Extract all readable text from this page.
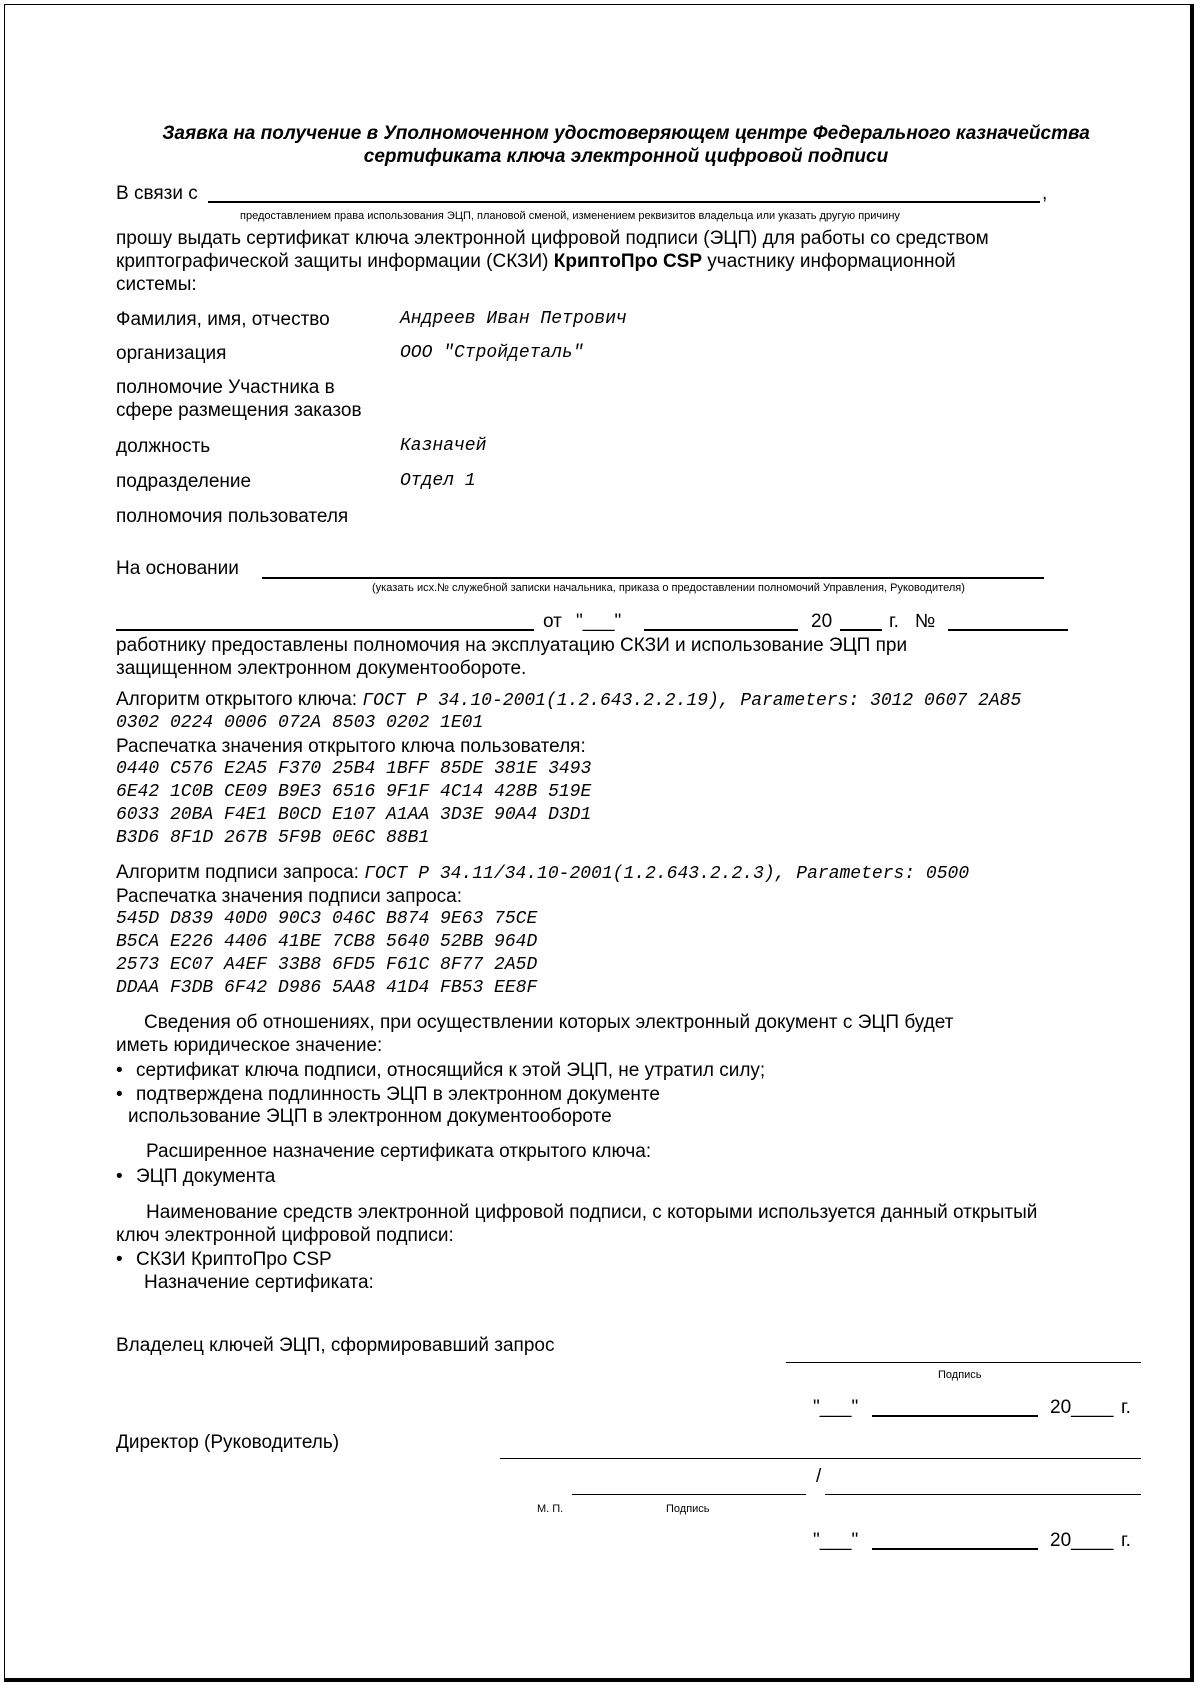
Заявка на получение в Уполномоченном удостоверяющем центре Федерального казначейства
сертификата ключа электронной цифровой подписи
В связи с	,
предоставлением права использования ЭЦП, плановой сменой, изменением реквизитов владельца или указать другую причину
прошу выдать сертификат ключа электронной цифровой подписи (ЭЦП) для работы со средством
криптографической защиты информации (СКЗИ) КриптоПро CSP участнику информационной
системы:
Фамилия, имя, отчество	Андреев Иван Петрович
организация	ООО "Стройдеталь"
полномочие Участника в
сфере размещения заказов
должность	Казначей
подразделение	Отдел 1
полномочия пользователя
На основании
(указать исх.№ служебной записки начальника, приказа о предоставлении полномочий Управления, Руководителя)
от "___"	20	г. №
работнику предоставлены полномочия на эксплуатацию СКЗИ и использование ЭЦП при
защищенном электронном документообороте.
Алгоритм открытого ключа: ГОСТ Р 34.10-2001(1.2.643.2.2.19), Parameters: 3012 0607 2A85
0302 0224 0006 072A 8503 0202 1E01
Распечатка значения открытого ключа пользователя:
0440 C576 E2A5 F370 25B4 1BFF 85DE 381E 3493
6E42 1C0B CE09 B9E3 6516 9F1F 4C14 428B 519E
6033 20BA F4E1 B0CD E107 A1AA 3D3E 90A4 D3D1
B3D6 8F1D 267B 5F9B 0E6C 88B1
Алгоритм подписи запроса: ГОСТ Р 34.11/34.10-2001(1.2.643.2.2.3), Parameters: 0500
Распечатка значения подписи запроса:
545D D839 40D0 90C3 046C B874 9E63 75CE
B5CA E226 4406 41BE 7CB8 5640 52BB 964D
2573 EC07 A4EF 33B8 6FD5 F61C 8F77 2A5D
DDAA F3DB 6F42 D986 5AA8 41D4 FB53 EE8F
Сведения об отношениях, при осуществлении которых электронный документ с ЭЦП будет
иметь юридическое значение:
• сертификат ключа подписи, относящийся к этой ЭЦП, не утратил силу;
• подтверждена подлинность ЭЦП в электронном документе
использование ЭЦП в электронном документообороте
Расширенное назначение сертификата открытого ключа:
• ЭЦП документа
Наименование средств электронной цифровой подписи, с которыми используется данный открытый
ключ электронной цифровой подписи:
• СКЗИ КриптоПро CSP
Назначение сертификата:
Владелец ключей ЭЦП, сформировавший запрос
Подпись
"___"	20____ г.
Директор (Руководитель)
/
М. П.	Подпись
"___"	20____ г.
